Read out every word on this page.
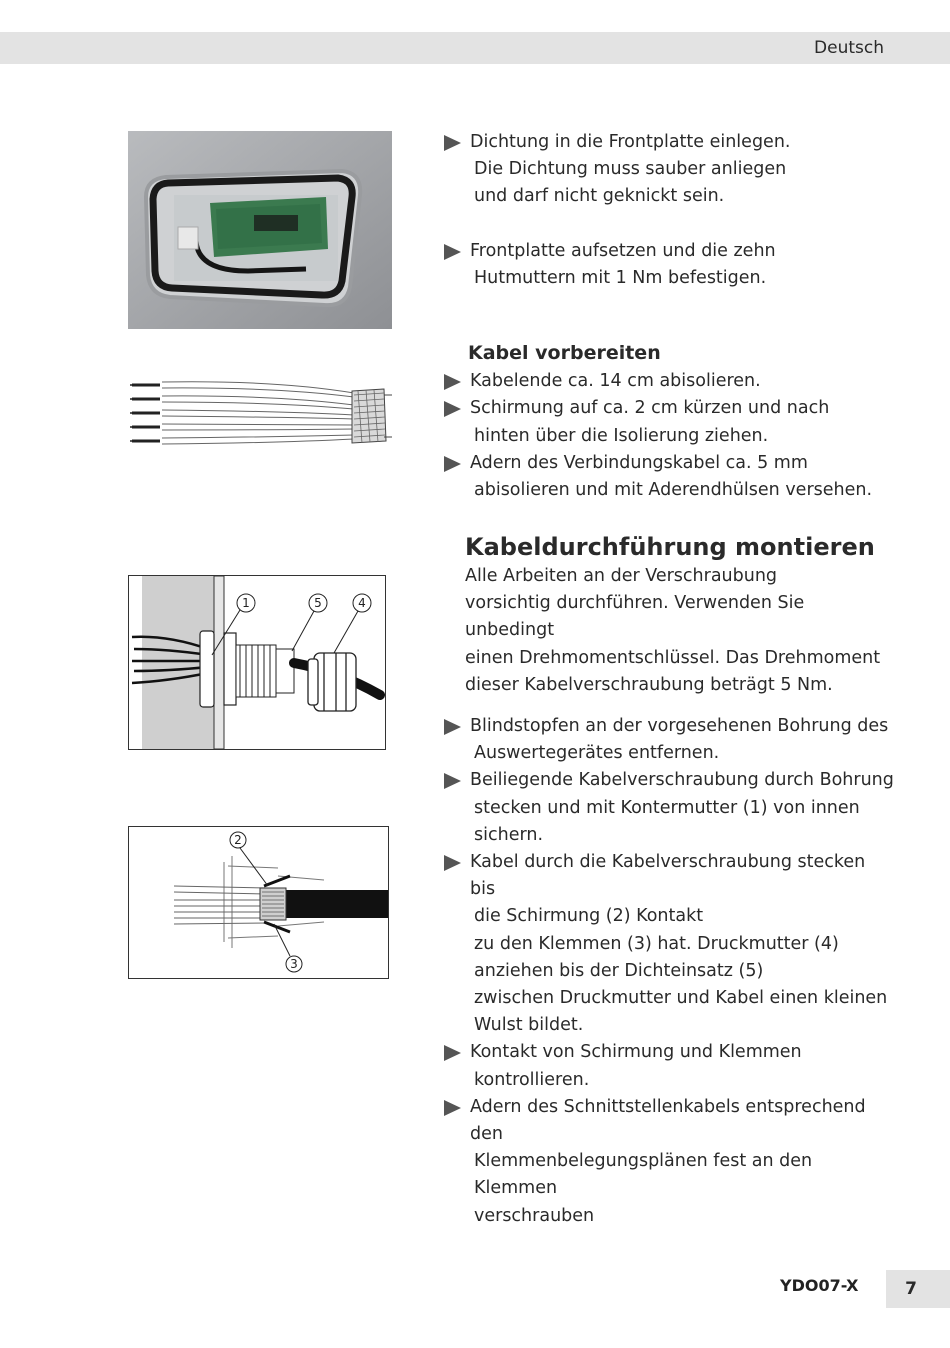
Deutsch
1	5	4
2
3
Dichtung in die Frontplatte einlegen.
Die Dichtung muss sauber anliegen
und darf nicht geknickt sein.
Frontplatte aufsetzen und die zehn
Hutmuttern mit 1 Nm befestigen.
Kabel vorbereiten
Kabelende ca. 14 cm abisolieren.
Schirmung auf ca. 2 cm kürzen und nach
hinten über die Isolierung ziehen.
Adern des Verbindungskabel ca. 5 mm
abisolieren und mit Aderendhülsen versehen.
Kabeldurchführung montieren
Alle Arbeiten an der Verschraubung
vorsichtig durchführen. Verwenden Sie unbedingt
einen Drehmomentschlüssel. Das Drehmoment
dieser Kabelverschraubung beträgt 5 Nm.
Blindstopfen an der vorgesehenen Bohrung des
Auswertegerätes entfernen.
Beiliegende Kabelverschraubung durch Bohrung
stecken und mit Kontermutter (1) von innen
sichern.
Kabel durch die Kabelverschraubung stecken bis
die Schirmung (2) Kontakt
zu den Klemmen (3) hat. Druckmutter (4)
anziehen bis der Dichteinsatz (5)
zwischen Druckmutter und Kabel einen kleinen
Wulst bildet.
Kontakt von Schirmung und Klemmen
kontrollieren.
Adern des Schnittstellenkabels entsprechend den
Klemmenbelegungsplänen fest an den Klemmen
verschrauben
YDO07-X	7
